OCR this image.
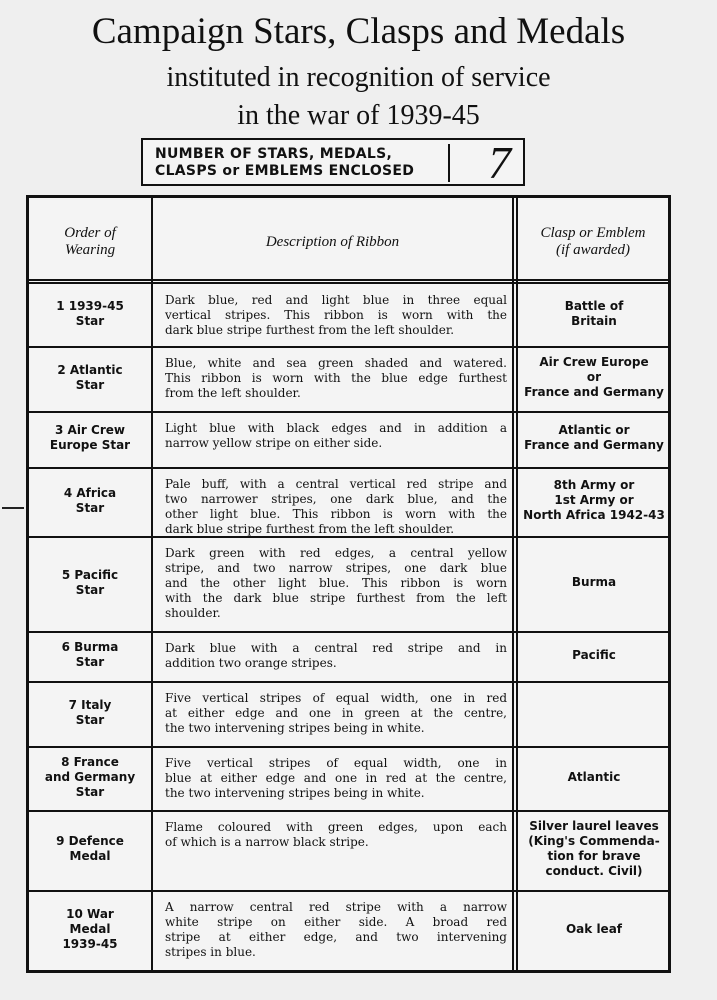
Campaign Stars, Clasps and Medals
instituted in recognition of service
in the war of 1939-45
NUMBER OF STARS, MEDALS,
CLASPS or EMBLEMS ENCLOSED	7
Order of
Wearing	Description of Ribbon
Clasp or Emblem
(if awarded)
1 1939-45
Star
Dark blue, red and light blue in three equal
vertical stripes. This ribbon is worn with the
dark blue stripe furthest from the left shoulder.
Battle of
Britain
2 Atlantic
Star
Blue, white and sea green shaded and watered.
This ribbon is worn with the blue edge furthest
from the left shoulder.
Air Crew Europe
or
France and Germany
3 Air Crew
Europe Star
Light blue with black edges and in addition a
narrow yellow stripe on either side.
Atlantic or
France and Germany
4 Africa
Star
Pale buff, with a central vertical red stripe and
two narrower stripes, one dark blue, and the
other light blue. This ribbon is worn with the
dark blue stripe furthest from the left shoulder.
8th Army or
1st Army or
North Africa 1942-43
5 Pacific
Star
Dark green with red edges, a central yellow
stripe, and two narrow stripes, one dark blue
and the other light blue. This ribbon is worn
with the dark blue stripe furthest from the left
shoulder.
Burma
6 Burma
Star
Dark blue with a central red stripe and in
addition two orange stripes.
Pacific
7 Italy
Star
Five vertical stripes of equal width, one in red
at either edge and one in green at the centre,
the two intervening stripes being in white.
8 France
and Germany
Star
Five vertical stripes of equal width, one in
blue at either edge and one in red at the centre,
the two intervening stripes being in white.
Atlantic
9 Defence
Medal
Flame coloured with green edges, upon each
of which is a narrow black stripe.
Silver laurel leaves
(King's Commenda-
tion for brave
conduct. Civil)
10 War
Medal
1939-45
A narrow central red stripe with a narrow
white stripe on either side. A broad red
stripe at either edge, and two intervening
stripes in blue.
Oak leaf
